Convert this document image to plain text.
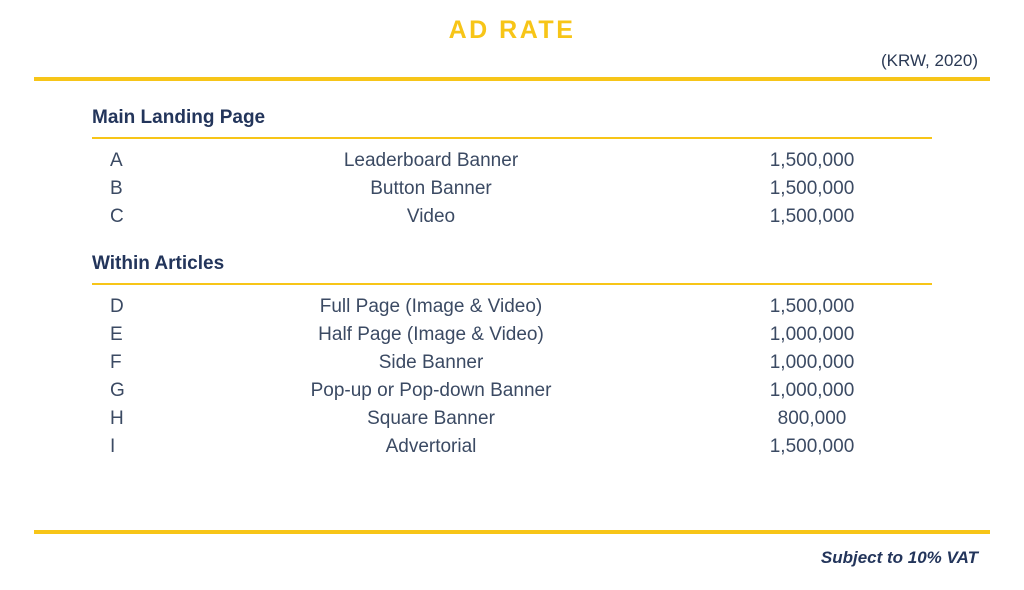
AD RATE
(KRW, 2020)
Main Landing Page
A	Leaderboard Banner	1,500,000
B	Button Banner	1,500,000
C	Video	1,500,000
Within Articles
D	Full Page (Image & Video)	1,500,000
E	Half Page (Image & Video)	1,000,000
F	Side Banner	1,000,000
G	Pop-up or Pop-down Banner	1,000,000
H	Square Banner	800,000
I	Advertorial	1,500,000
Subject to 10% VAT
